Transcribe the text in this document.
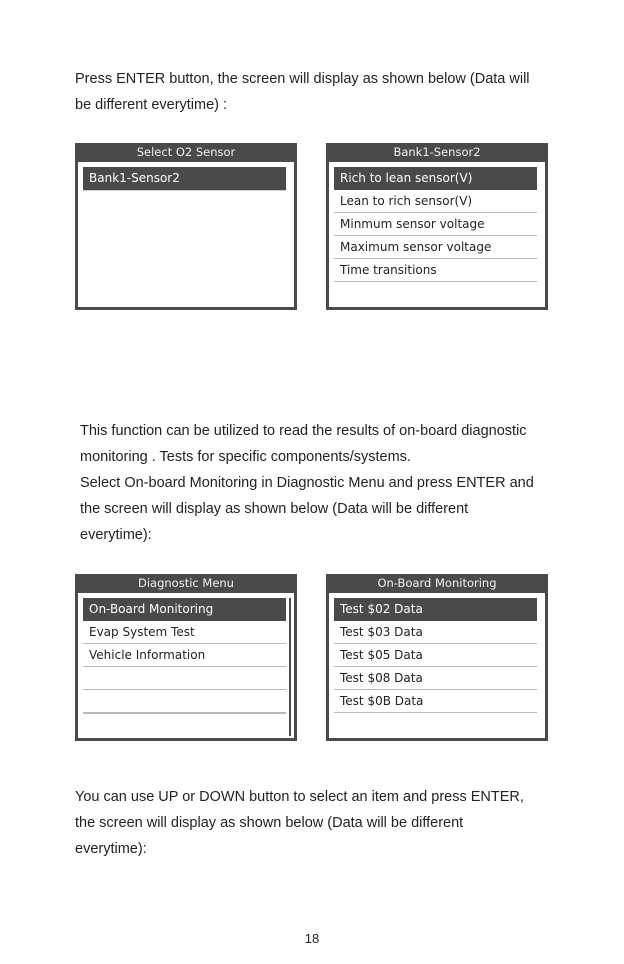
Press ENTER button, the screen will display as shown below (Data will
be different everytime) :
Select O2 Sensor
Bank1-Sensor2
Bank1-Sensor2
Rich to lean sensor(V)
Lean to rich sensor(V)
Minmum sensor voltage
Maximum sensor voltage
Time transitions
This function can be utilized to read the results of on-board diagnostic
monitoring . Tests for specific components/systems.
Select On-board Monitoring in Diagnostic Menu and press ENTER and
the screen will display as shown below (Data will be different
everytime):
Diagnostic Menu
On-Board Monitoring
Evap System Test
Vehicle Information
On-Board Monitoring
Test $02 Data
Test $03 Data
Test $05 Data
Test $08 Data
Test $0B Data
You can use UP or DOWN button to select an item and press ENTER,
the screen will display as shown below (Data will be different
everytime):
18
